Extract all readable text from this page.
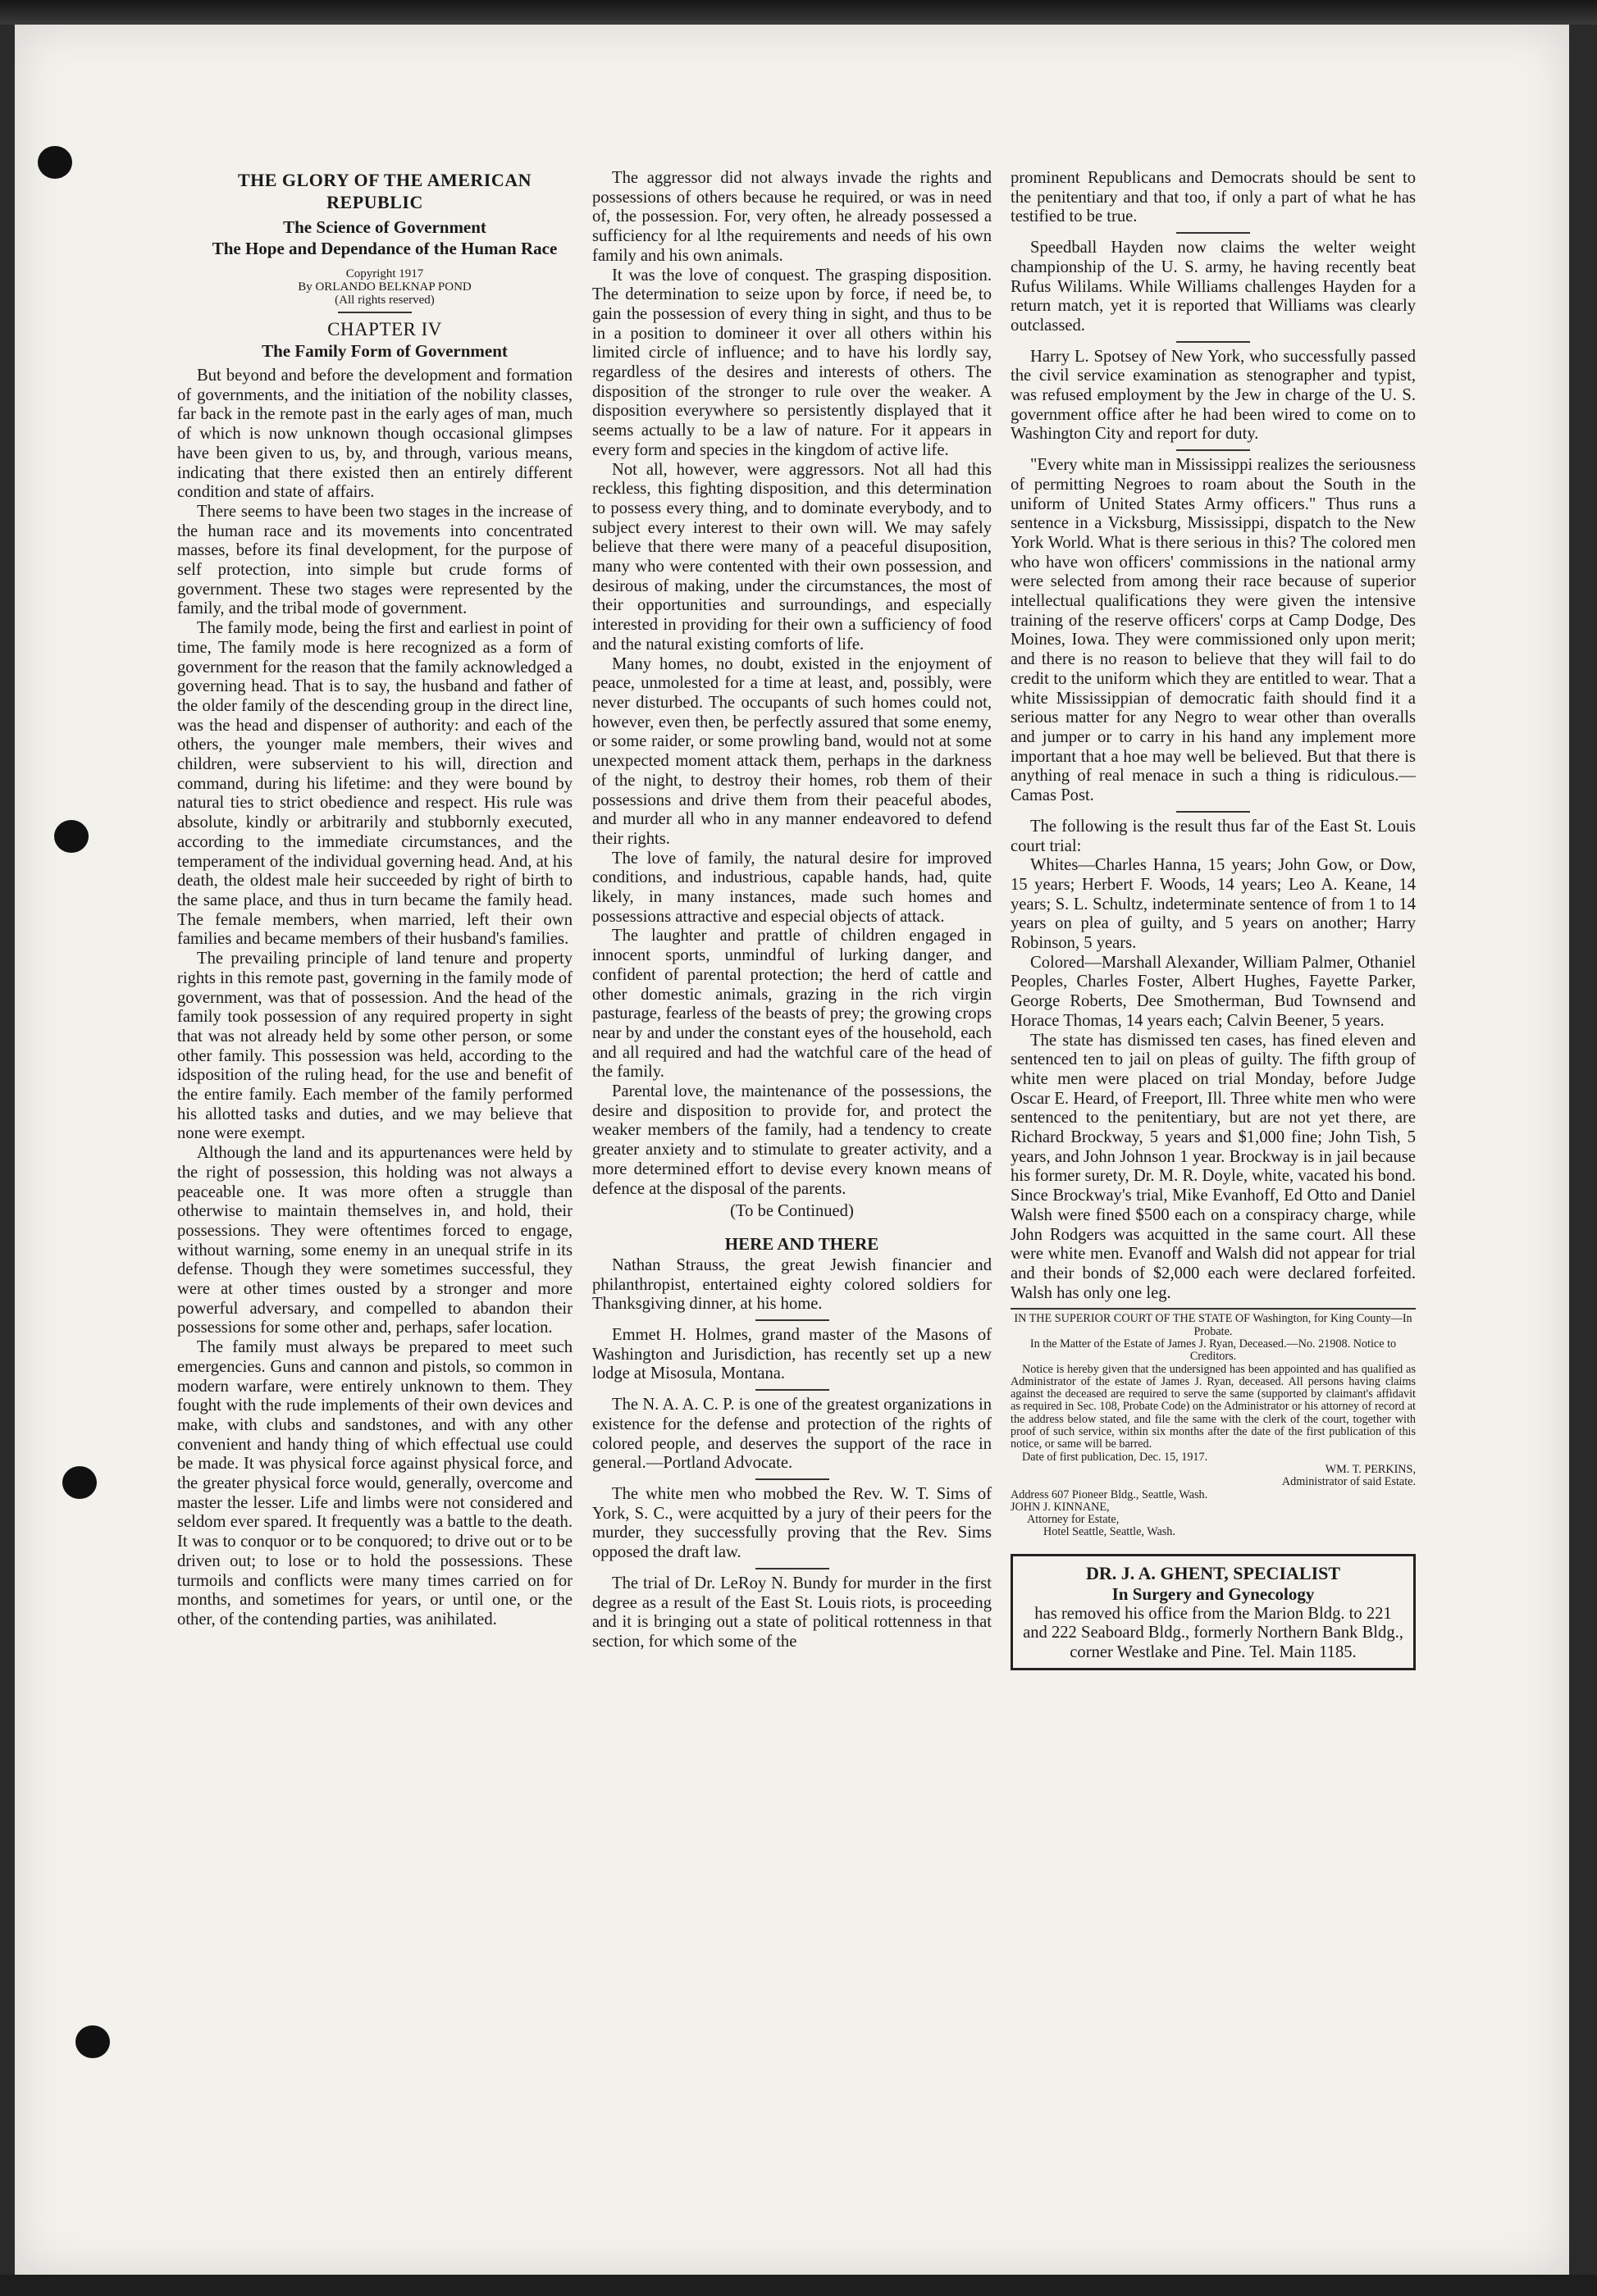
THE GLORY OF THE AMERICAN REPUBLIC

The Science of Government

The Hope and Dependance of the Human Race

Copyright 1917

By ORLANDO BELKNAP POND

(All rights reserved)

CHAPTER IV

The Family Form of Government

But beyond and before the development and formation of governments, and the initiation of the nobility classes, far back in the remote past in the early ages of man, much of which is now unknown though occasional glimpses have been given to us, by, and through, various means, indicating that there existed then an entirely different condition and state of affairs.

There seems to have been two stages in the increase of the human race and its movements into concentrated masses, before its final development, for the purpose of self protection, into simple but crude forms of government. These two stages were represented by the family, and the tribal mode of government.

The family mode, being the first and earliest in point of time, The family mode is here recognized as a form of government for the reason that the family acknowledged a governing head. That is to say, the husband and father of the older family of the descending group in the direct line, was the head and dispenser of authority: and each of the others, the younger male members, their wives and children, were subservient to his will, direction and command, during his lifetime: and they were bound by natural ties to strict obedience and respect. His rule was absolute, kindly or arbitrarily and stubbornly executed, according to the immediate circumstances, and the temperament of the individual governing head. And, at his death, the oldest male heir succeeded by right of birth to the same place, and thus in turn became the family head. The female members, when married, left their own families and became members of their husband's families.

The prevailing principle of land tenure and property rights in this remote past, governing in the family mode of government, was that of possession. And the head of the family took possession of any required property in sight that was not already held by some other person, or some other family. This possession was held, according to the idsposition of the ruling head, for the use and benefit of the entire family. Each member of the family performed his allotted tasks and duties, and we may believe that none were exempt.

Although the land and its appurtenances were held by the right of possession, this holding was not always a peaceable one. It was more often a struggle than otherwise to maintain themselves in, and hold, their possessions. They were oftentimes forced to engage, without warning, some enemy in an unequal strife in its defense. Though they were sometimes successful, they were at other times ousted by a stronger and more powerful adversary, and compelled to abandon their possessions for some other and, perhaps, safer location.

The family must always be prepared to meet such emergencies. Guns and cannon and pistols, so common in modern warfare, were entirely unknown to them. They fought with the rude implements of their own devices and make, with clubs and sandstones, and with any other convenient and handy thing of which effectual use could be made. It was physical force against physical force, and the greater physical force would, generally, overcome and master the lesser. Life and limbs were not considered and seldom ever spared. It frequently was a battle to the death. It was to conquor or to be conquored; to drive out or to be driven out; to lose or to hold the possessions. These turmoils and conflicts were many times carried on for months, and sometimes for years, or until one, or the other, of the contending parties, was anihilated.

The aggressor did not always invade the rights and possessions of others because he required, or was in need of, the possession. For, very often, he already possessed a sufficiency for al lthe requirements and needs of his own family and his own animals.

It was the love of conquest. The grasping disposition. The determination to seize upon by force, if need be, to gain the possession of every thing in sight, and thus to be in a position to domineer it over all others within his limited circle of influence; and to have his lordly say, regardless of the desires and interests of others. The disposition of the stronger to rule over the weaker. A disposition everywhere so persistently displayed that it seems actually to be a law of nature. For it appears in every form and species in the kingdom of active life.

Not all, however, were aggressors. Not all had this reckless, this fighting disposition, and this determination to possess every thing, and to dominate everybody, and to subject every interest to their own will. We may safely believe that there were many of a peaceful disuposition, many who were contented with their own possession, and desirous of making, under the circumstances, the most of their opportunities and surroundings, and especially interested in providing for their own a sufficiency of food and the natural existing comforts of life.

Many homes, no doubt, existed in the enjoyment of peace, unmolested for a time at least, and, possibly, were never disturbed. The occupants of such homes could not, however, even then, be perfectly assured that some enemy, or some raider, or some prowling band, would not at some unexpected moment attack them, perhaps in the darkness of the night, to destroy their homes, rob them of their possessions and drive them from their peaceful abodes, and murder all who in any manner endeavored to defend their rights.

The love of family, the natural desire for improved conditions, and industrious, capable hands, had, quite likely, in many instances, made such homes and possessions attractive and especial objects of attack.

The laughter and prattle of children engaged in innocent sports, unmindful of lurking danger, and confident of parental protection; the herd of cattle and other domestic animals, grazing in the rich virgin pasturage, fearless of the beasts of prey; the growing crops near by and under the constant eyes of the household, each and all required and had the watchful care of the head of the family.

Parental love, the maintenance of the possessions, the desire and disposition to provide for, and protect the weaker members of the family, had a tendency to create greater anxiety and to stimulate to greater activity, and a more determined effort to devise every known means of defence at the disposal of the parents.

(To be Continued)

HERE AND THERE

Nathan Strauss, the great Jewish financier and philanthropist, entertained eighty colored soldiers for Thanksgiving dinner, at his home.

Emmet H. Holmes, grand master of the Masons of Washington and Jurisdiction, has recently set up a new lodge at Misosula, Montana.

The N. A. A. C. P. is one of the greatest organizations in existence for the defense and protection of the rights of colored people, and deserves the support of the race in general.—Portland Advocate.

The white men who mobbed the Rev. W. T. Sims of York, S. C., were acquitted by a jury of their peers for the murder, they successfully proving that the Rev. Sims opposed the draft law.

The trial of Dr. LeRoy N. Bundy for murder in the first degree as a result of the East St. Louis riots, is proceeding and it is bringing out a state of political rottenness in that section, for which some of the

prominent Republicans and Democrats should be sent to the penitentiary and that too, if only a part of what he has testified to be true.

Speedball Hayden now claims the welter weight championship of the U. S. army, he having recently beat Rufus Wililams. While Williams challenges Hayden for a return match, yet it is reported that Williams was clearly outclassed.

Harry L. Spotsey of New York, who successfully passed the civil service examination as stenographer and typist, was refused employment by the Jew in charge of the U. S. government office after he had been wired to come on to Washington City and report for duty.

"Every white man in Mississippi realizes the seriousness of permitting Negroes to roam about the South in the uniform of United States Army officers." Thus runs a sentence in a Vicksburg, Mississippi, dispatch to the New York World. What is there serious in this? The colored men who have won officers' commissions in the national army were selected from among their race because of superior intellectual qualifications they were given the intensive training of the reserve officers' corps at Camp Dodge, Des Moines, Iowa. They were commissioned only upon merit; and there is no reason to believe that they will fail to do credit to the uniform which they are entitled to wear. That a white Mississippian of democratic faith should find it a serious matter for any Negro to wear other than overalls and jumper or to carry in his hand any implement more important that a hoe may well be believed. But that there is anything of real menace in such a thing is ridiculous.—Camas Post.

The following is the result thus far of the East St. Louis court trial:

Whites—Charles Hanna, 15 years; John Gow, or Dow, 15 years; Herbert F. Woods, 14 years; Leo A. Keane, 14 years; S. L. Schultz, indeterminate sentence of from 1 to 14 years on plea of guilty, and 5 years on another; Harry Robinson, 5 years.

Colored—Marshall Alexander, William Palmer, Othaniel Peoples, Charles Foster, Albert Hughes, Fayette Parker, George Roberts, Dee Smotherman, Bud Townsend and Horace Thomas, 14 years each; Calvin Beener, 5 years.

The state has dismissed ten cases, has fined eleven and sentenced ten to jail on pleas of guilty. The fifth group of white men were placed on trial Monday, before Judge Oscar E. Heard, of Freeport, Ill. Three white men who were sentenced to the penitentiary, but are not yet there, are Richard Brockway, 5 years and $1,000 fine; John Tish, 5 years, and John Johnson 1 year. Brockway is in jail because his former surety, Dr. M. R. Doyle, white, vacated his bond. Since Brockway's trial, Mike Evanhoff, Ed Otto and Daniel Walsh were fined $500 each on a conspiracy charge, while John Rodgers was acquitted in the same court. All these were white men. Evanoff and Walsh did not appear for trial and their bonds of $2,000 each were declared forfeited. Walsh has only one leg.

IN THE SUPERIOR COURT OF THE STATE OF Washington, for King County—In Probate.

In the Matter of the Estate of James J. Ryan, Deceased.—No. 21908. Notice to Creditors.

Notice is hereby given that the undersigned has been appointed and has qualified as Administrator of the estate of James J. Ryan, deceased. All persons having claims against the deceased are required to serve the same (supported by claimant's affidavit as required in Sec. 108, Probate Code) on the Administrator or his attorney of record at the address below stated, and file the same with the clerk of the court, together with proof of such service, within six months after the date of the first publication of this notice, or same will be barred.

Date of first publication, Dec. 15, 1917.

WM. T. PERKINS,

Administrator of said Estate.

Address 607 Pioneer Bldg., Seattle, Wash.

JOHN J. KINNANE,

Attorney for Estate,

Hotel Seattle, Seattle, Wash.

DR. J. A. GHENT, SPECIALIST

In Surgery and Gynecology

has removed his office from the Marion Bldg. to 221 and 222 Seaboard Bldg., formerly Northern Bank Bldg., corner Westlake and Pine. Tel. Main 1185.
